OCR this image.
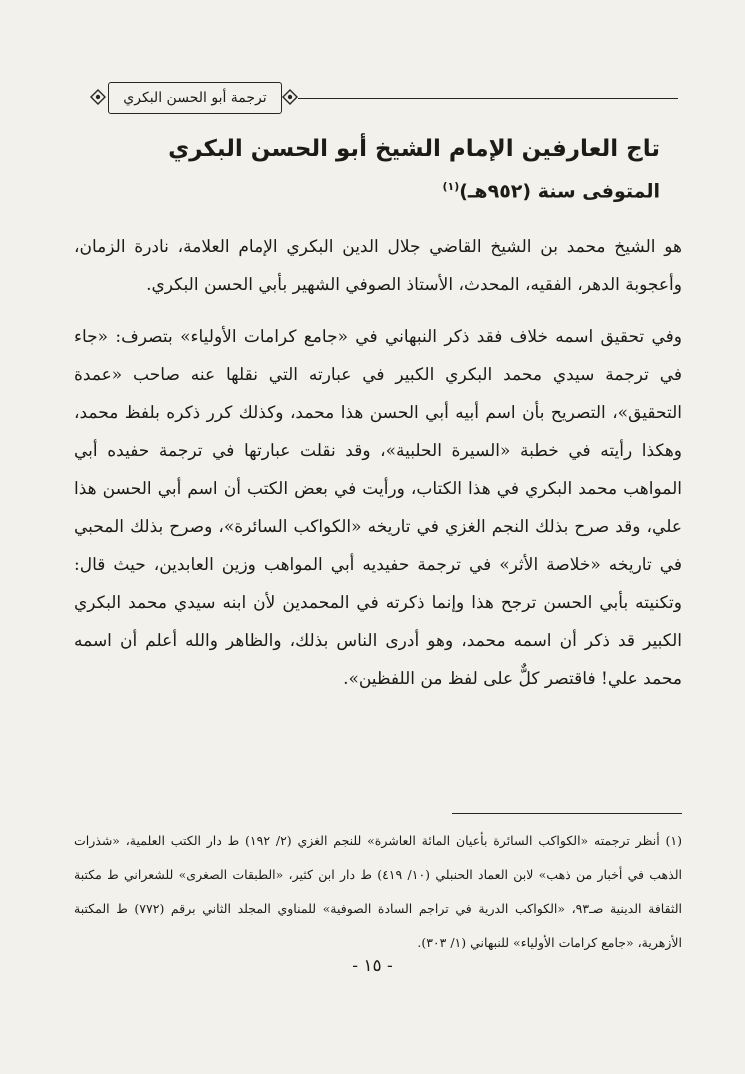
ترجمة أبو الحسن البكري
تاج العارفين الإمام الشيخ أبو الحسن البكري
المتوفى سنة (٩٥٢هـ)$^{(١)}$

هو الشيخ محمد بن الشيخ القاضي جلال الدين البكري الإمام العلامة، نادرة الزمان، وأعجوبة الدهر، الفقيه، المحدث، الأستاذ الصوفي الشهير بأبي الحسن البكري.

وفي تحقيق اسمه خلاف فقد ذكر النبهاني في «جامع كرامات الأولياء» بتصرف: «جاء في ترجمة سيدي محمد البكري الكبير في عبارته التي نقلها عنه صاحب «عمدة التحقيق»، التصريح بأن اسم أبيه أبي الحسن هذا محمد، وكذلك كرر ذكره بلفظ محمد، وهكذا رأيته في خطبة «السيرة الحلبية»، وقد نقلت عبارتها في ترجمة حفيده أبي المواهب محمد البكري في هذا الكتاب، ورأيت في بعض الكتب أن اسم أبي الحسن هذا علي، وقد صرح بذلك النجم الغزي في تاريخه «الكواكب السائرة»، وصرح بذلك المحبي في تاريخه «خلاصة الأثر» في ترجمة حفيديه أبي المواهب وزين العابدين، حيث قال: وتكنيته بأبي الحسن ترجح هذا وإنما ذكرته في المحمدين لأن ابنه سيدي محمد البكري الكبير قد ذكر أن اسمه محمد، وهو أدرى الناس بذلك، والظاهر والله أعلم أن اسمه محمد علي! فاقتصر كلٌّ على لفظ من اللفظين».

(١) أنظر ترجمته «الكواكب السائرة بأعيان المائة العاشرة» للنجم الغزي (٢/ ١٩٢) ط دار الكتب العلمية، «شذرات الذهب في أخبار من ذهب» لابن العماد الحنبلي (١٠/ ٤١٩) ط دار ابن كثير، «الطبقات الصغرى» للشعراني ط مكتبة الثقافة الدينية صـ٩٣، «الكواكب الدرية في تراجم السادة الصوفية» للمناوي المجلد الثاني برقم (٧٧٢) ط المكتبة الأزهرية، «جامع كرامات الأولياء» للنبهاني (١/ ٣٠٣).
- ١٥ -
